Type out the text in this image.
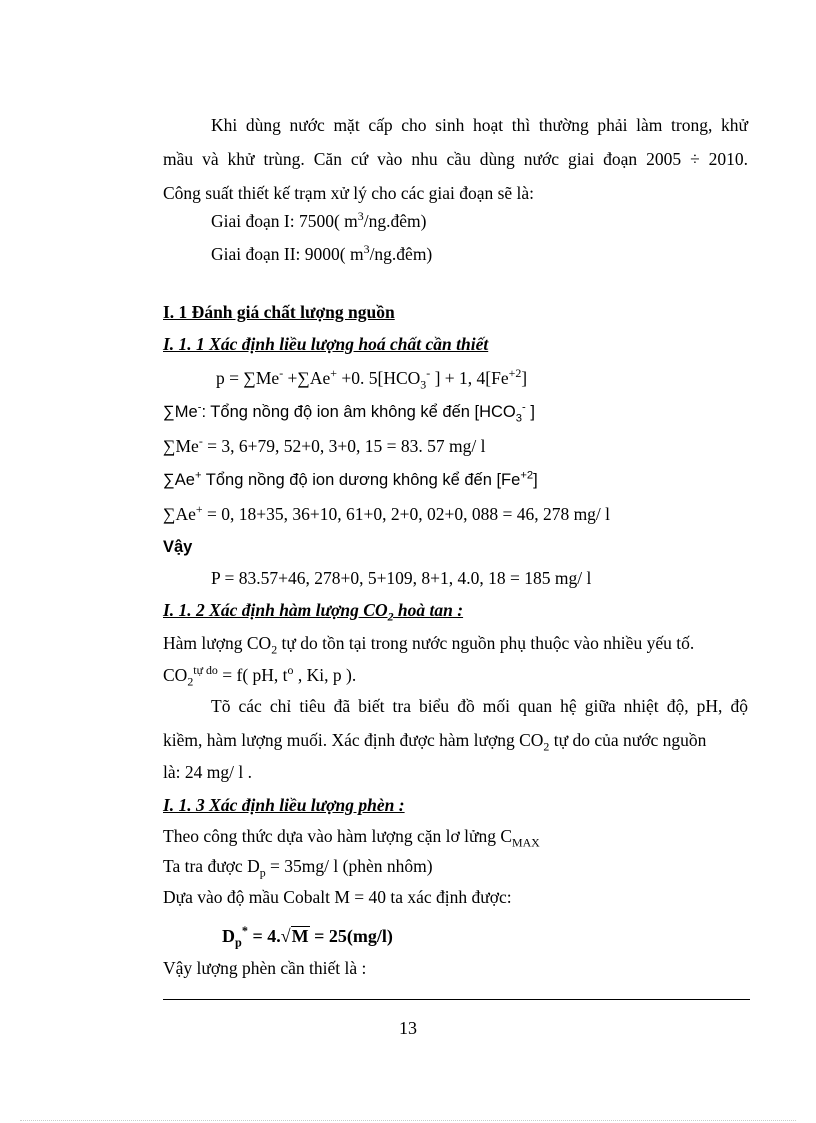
Khi dùng nước mặt cấp cho sinh hoạt thì thường phải làm trong, khử
mầu và khử trùng. Căn cứ vào nhu cầu dùng nước giai đoạn 2005 ÷ 2010.
Công suất thiết kế trạm xử lý cho các giai đoạn sẽ là:
Giai đoạn I: 7500( $m^3/ng.đêm$)
Giai đoạn II: 9000( $m^3/ng.đêm$)
I. 1 Đánh giá chất lượng nguồn
I. 1. 1 Xác định liều lượng hoá chất cần thiết
p = ∑Me- +∑Ae+ +0. $5[HCO_3^-$ ] + 1, $4[Fe^{+2}]$
∑Me-: Tổng nồng độ ion âm không kể đến [$HCO_3^-$ ]
∑Me- = 3, 6+79, 52+0, 3+0, 15 = 83. 57 mg/ l
∑Ae+ Tổng nồng độ ion dương không kể đến $[Fe^{+2}]$
∑Ae+ = 0, 18+35, 36+10, 61+0, 2+0, 02+0, 088 = 46, 278 mg/ l
Vậy
P = 83.57+46, 278+0, 5+109, 8+1, 4.0, 18 = 185 mg/ l
I. 1. 2 Xác định hàm lượng $CO_2$ hoà tan :
Hàm lượng $CO_2$ tự do tồn tại trong nước nguồn phụ thuộc vào nhiều yếu tố.
$CO_2^{tự do} = f$( pH, $t^o$ , Ki, p ).
Tõ các chỉ tiêu đã biết tra biểu đồ mối quan hệ giữa nhiệt độ, pH, độ
kiềm, hàm lượng muối. Xác định được hàm lượng $CO_2$ tự do của nước nguồn
là: 24 mg/ l .
I. 1. 3 Xác định liều lượng phèn :
Theo công thức dựa vào hàm lượng cặn lơ lửng $C_{MAX}$
Ta tra được $D_p = 35mg/$ l (phèn nhôm)
Dựa vào độ mầu Cobalt M = 40 ta xác định được:
$D_p^* = 4.√M = 25(mg/l)$
Vậy lượng phèn cần thiết là :
13
